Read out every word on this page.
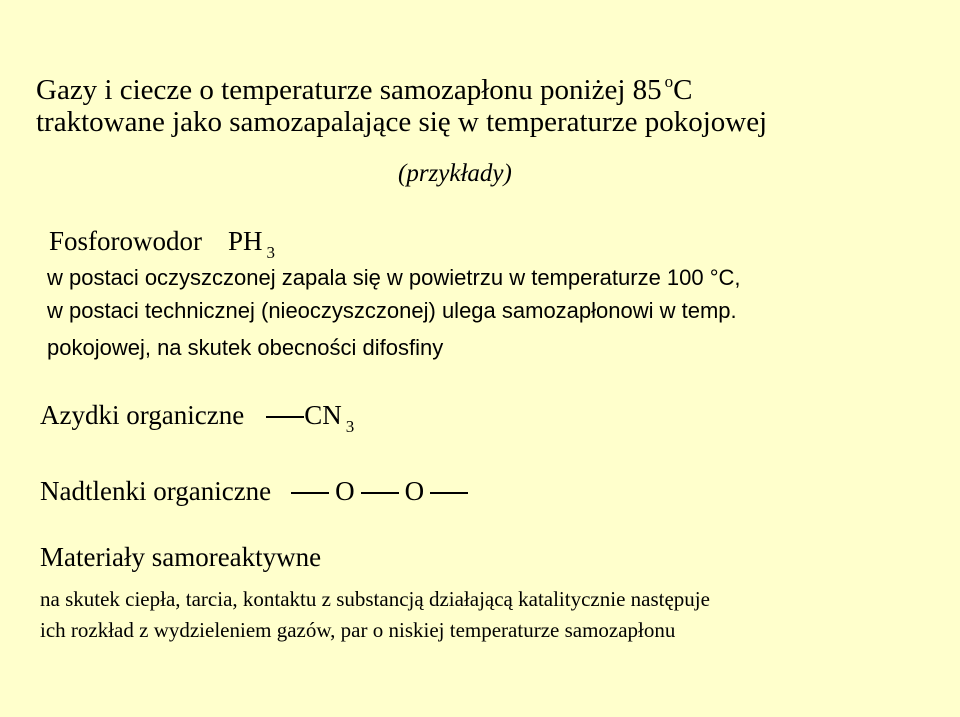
Gazy i ciecze o temperaturze samozapłonu poniżej 85 $^o$C
traktowane jako samozapalające się w temperaturze pokojowej
(przykłady)
Fosforowodor PH $_3$
w postaci oczyszczonej zapala się w powietrzu w temperaturze 100 °C,
w postaci technicznej (nieoczyszczonej) ulega samozapłonowi w temp.
pokojowej, na skutek obecności difosfiny
Azydki organiczne CN $_3$
Nadtlenki organiczne O O
Materiały samoreaktywne
na skutek ciepła, tarcia, kontaktu z substancją działającą katalitycznie następuje
ich rozkład z wydzieleniem gazów, par o niskiej temperaturze samozapłonu
